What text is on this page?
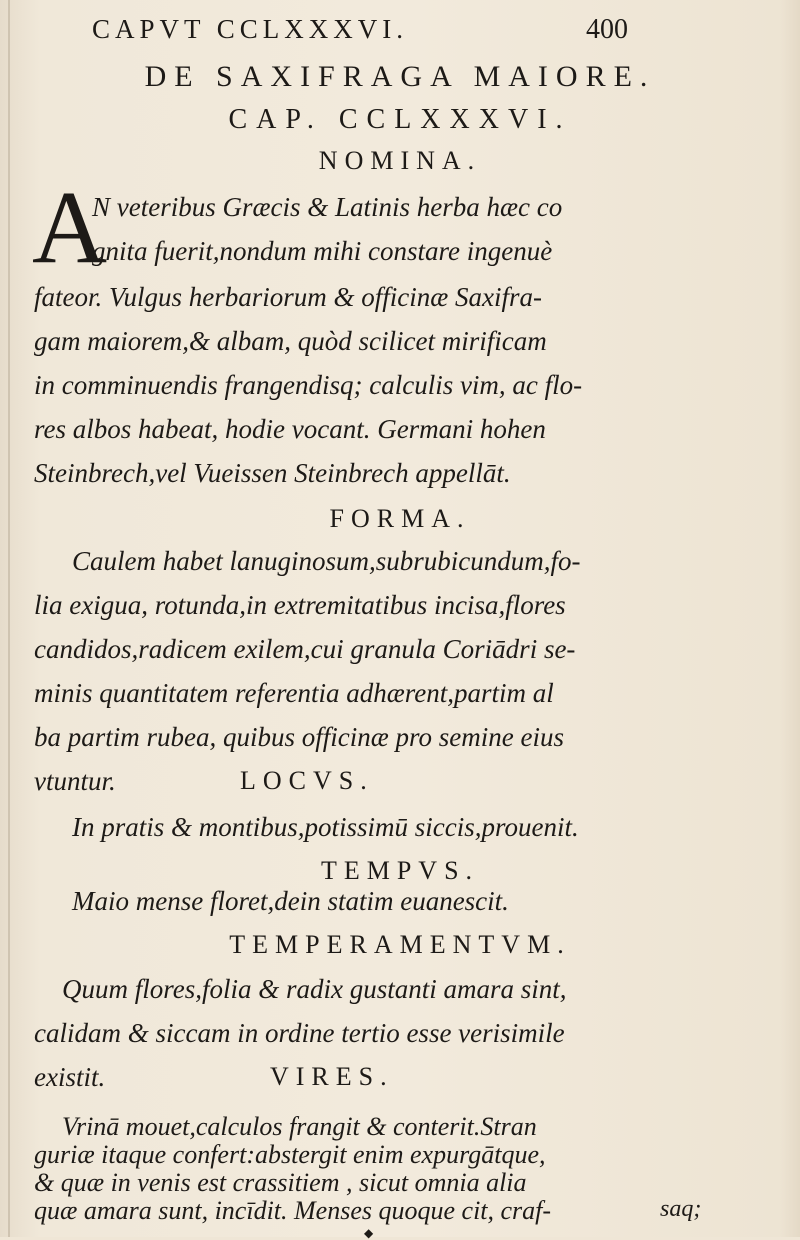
CAPVT CCLXXXVI.	400
DE SAXIFRAGA MAIORE.
CAP. CCLXXXVI.
NOMINA.
A
N veteribus Græcis & Latinis herba hæc co
gnita fuerit,nondum mihi constare ingenuè
fateor. Vulgus herbariorum & officinæ Saxifra-
gam maiorem,& albam, quòd scilicet mirificam
in comminuendis frangendisq; calculis vim, ac flo-
res albos habeat, hodie vocant. Germani hohen
Steinbrech,vel Vueissen Steinbrech appellāt.
FORMA.
Caulem habet lanuginosum,subrubicundum,fo-
lia exigua, rotunda,in extremitatibus incisa,flores
candidos,radicem exilem,cui granula Coriādri se-
minis quantitatem referentia adhærent,partim al
ba partim rubea, quibus officinæ pro semine eius
vtuntur.	LOCVS.
In pratis & montibus,potissimū siccis,prouenit.
TEMPVS.
Maio mense floret,dein statim euanescit.
TEMPERAMENTVM.
Quum flores,folia & radix gustanti amara sint,
calidam & siccam in ordine tertio esse verisimile
existit.	VIRES.
Vrinā mouet,calculos frangit & conterit.Stran
guriæ itaque confert:abstergit enim expurgātque,
& quæ in venis est crassitiem , sicut omnia alia
saq;
◆
quæ amara sunt, incīdit. Menses quoque cit, craf-
